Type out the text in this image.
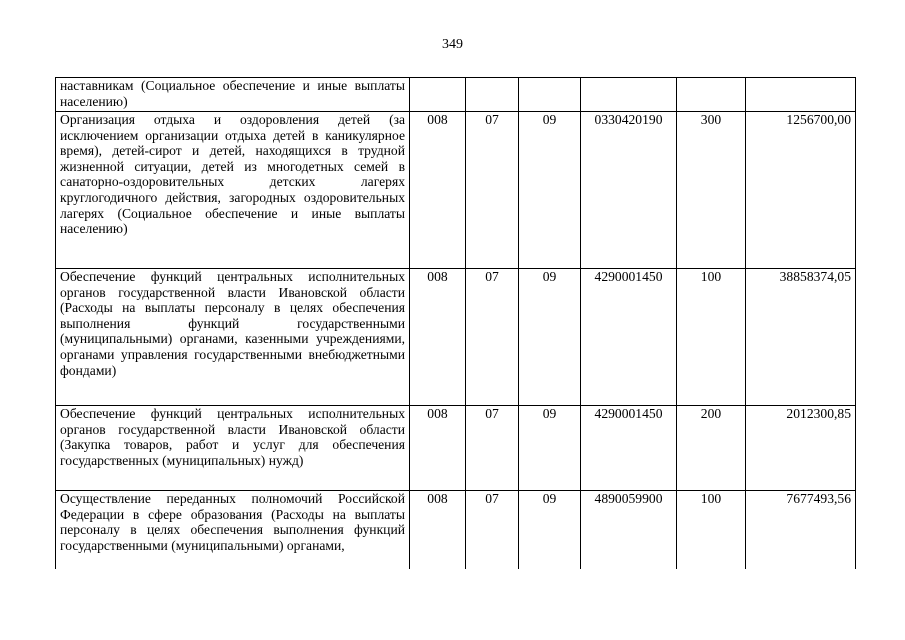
349
наставникам (Социальное обеспечение и иные выплаты населению)						
Организация отдыха и оздоровления детей (за исключением организации отдыха детей в каникулярное время), детей-сирот и детей, находящихся в трудной жизненной ситуации, детей из многодетных семей в санаторно-оздоровительных детских лагерях круглогодичного действия, загородных оздоровительных лагерях (Социальное обеспечение и иные выплаты населению)	008	07	09	0330420190	300	1256700,00
Обеспечение функций центральных исполнительных органов государственной власти Ивановской области (Расходы на выплаты персоналу в целях обеспечения выполнения функций государственными (муниципальными) органами, казенными учреждениями, органами управления государственными внебюджетными фондами)	008	07	09	4290001450	100	38858374,05
Обеспечение функций центральных исполнительных органов государственной власти Ивановской области (Закупка товаров, работ и услуг для обеспечения государственных (муниципальных) нужд)	008	07	09	4290001450	200	2012300,85
Осуществление переданных полномочий Российской Федерации в сфере образования (Расходы на выплаты персоналу в целях обеспечения выполнения функций государственными (муниципальными) органами,	008	07	09	4890059900	100	7677493,56
